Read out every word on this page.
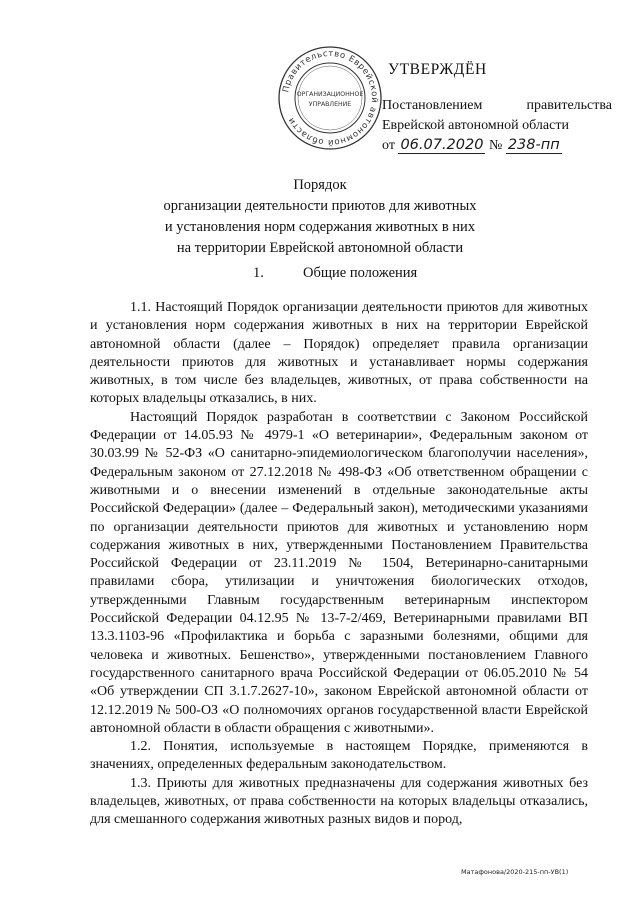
Правительство Еврейской автономной области
ОРГАНИЗАЦИОННОЕ
УПРАВЛЕНИЕ
УТВЕРЖДЁН
Постановлением	правительства
Еврейской автономной области
от 06.07.2020 № 238-пп
Порядок
организации деятельности приютов для животных
и установления норм содержания животных в них
на территории Еврейской автономной области
1.	Общие положения

1.1. Настоящий Порядок организации деятельности приютов для животных и установления норм содержания животных в них на территории Еврейской автономной области (далее – Порядок) определяет правила организации деятельности приютов для животных и устанавливает нормы содержания животных, в том числе без владельцев, животных, от права собственности на которых владельцы отказались, в них.

Настоящий Порядок разработан в соответствии с Законом Российской Федерации от 14.05.93 № 4979-1 «О ветеринарии», Федеральным законом от 30.03.99 № 52-ФЗ «О санитарно-эпидемиологическом благополучии населения», Федеральным законом от 27.12.2018 № 498-ФЗ «Об ответственном обращении с животными и о внесении изменений в отдельные законодательные акты Российской Федерации» (далее – Федеральный закон), методическими указаниями по организации деятельности приютов для животных и установлению норм содержания животных в них, утвержденными Постановлением Правительства Российской Федерации от 23.11.2019 № 1504, Ветеринарно-санитарными правилами сбора, утилизации и уничтожения биологических отходов, утвержденными Главным государственным ветеринарным инспектором Российской Федерации 04.12.95 № 13-7-2/469, Ветеринарными правилами ВП 13.3.1103-96 «Профилактика и борьба с заразными болезнями, общими для человека и животных. Бешенство», утвержденными постановлением Главного государственного санитарного врача Российской Федерации от 06.05.2010 № 54 «Об утверждении СП 3.1.7.2627-10», законом Еврейской автономной области от 12.12.2019 № 500-ОЗ «О полномочиях органов государственной власти Еврейской автономной области в области обращения с животными».

1.2. Понятия, используемые в настоящем Порядке, применяются в значениях, определенных федеральным законодательством.

1.3. Приюты для животных предназначены для содержания животных без владельцев, животных, от права собственности на которых владельцы отказались, для смешанного содержания животных разных видов и пород,

Матафонова/2020-215-пп-УВ(1)
